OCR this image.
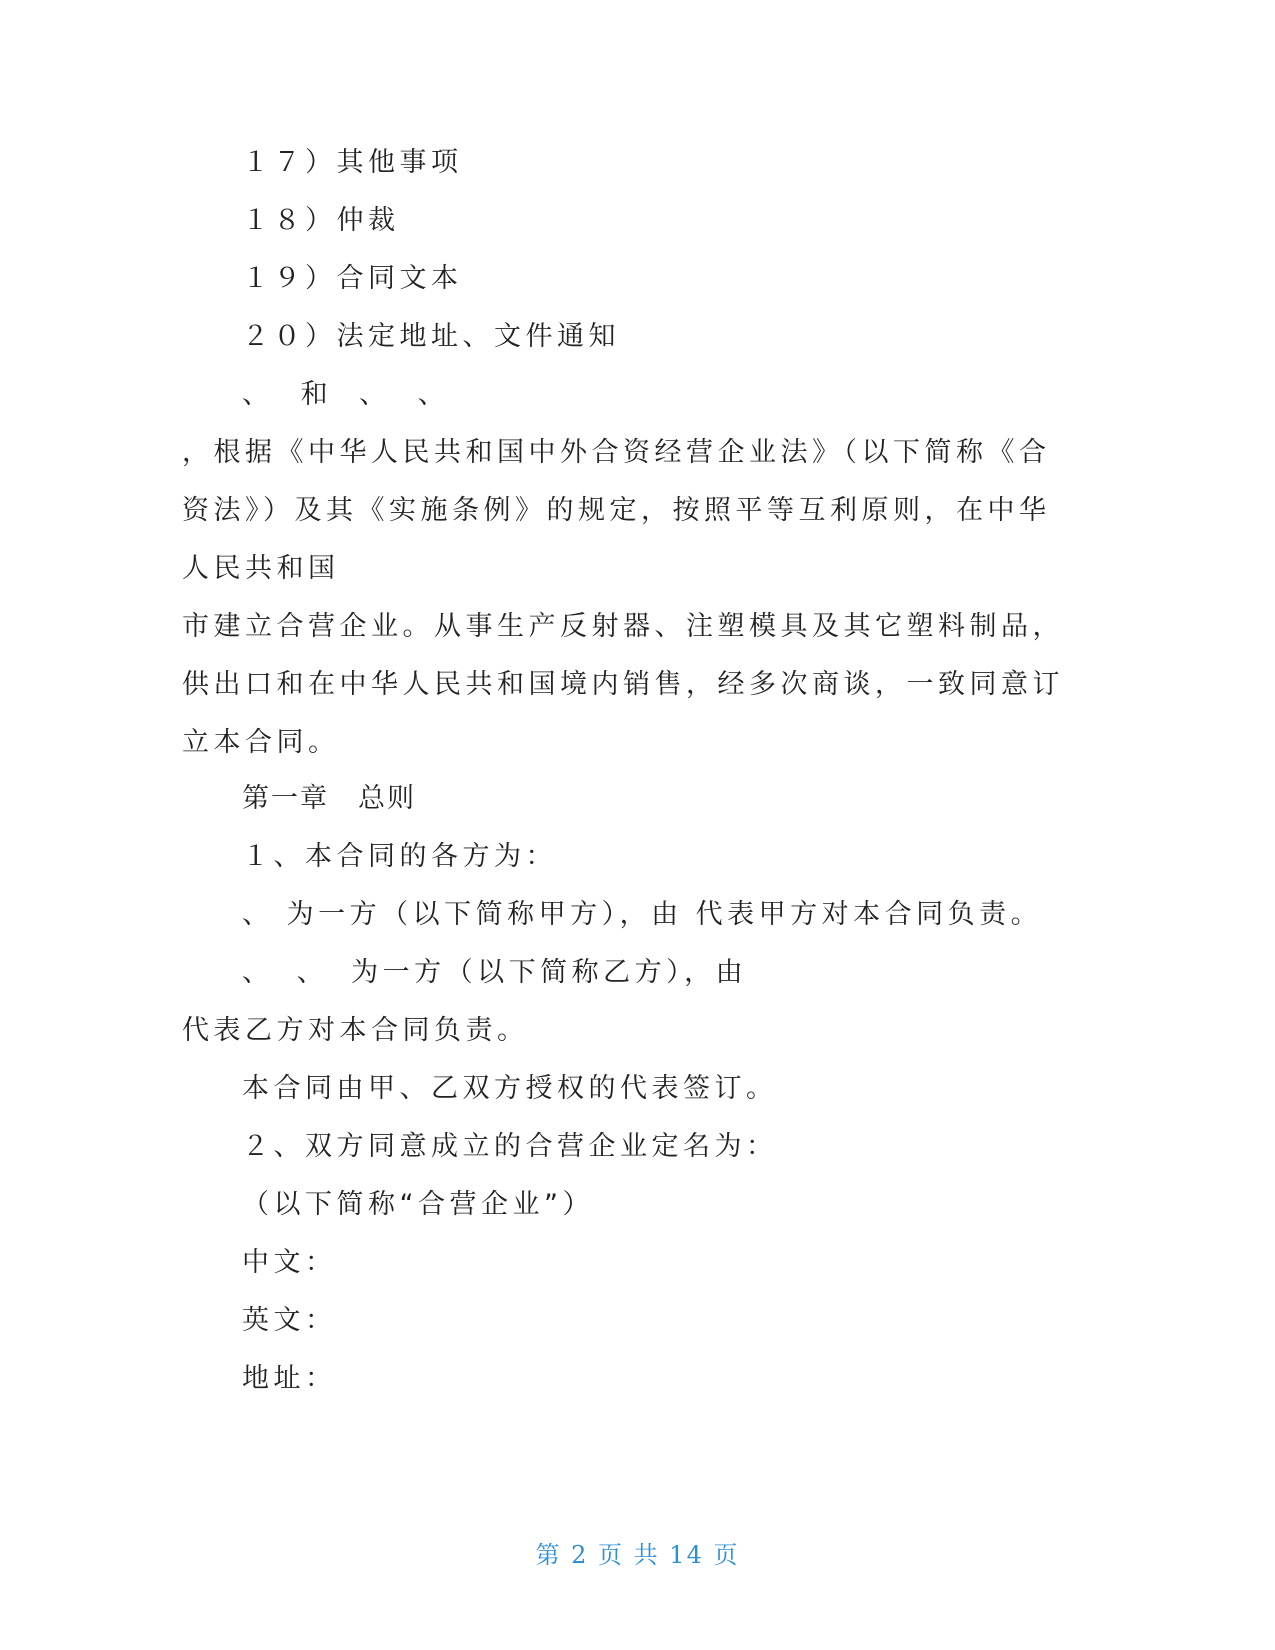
１７）其他事项
１８）仲裁
１９）合同文本
２０）法定地址、文件通知
、 和 、 、
，根据《中华人民共和国中外合资经营企业法》（以下简称《合
资法》）及其《实施条例》的规定，按照平等互利原则，在中华
人民共和国
市建立合营企业。从事生产反射器、注塑模具及其它塑料制品，
供出口和在中华人民共和国境内销售，经多次商谈，一致同意订
立本合同。
第一章　总则
１、本合同的各方为：
、 为一方（以下简称甲方），由 代表甲方对本合同负责。
、 、 为一方（以下简称乙方），由
代表乙方对本合同负责。
本合同由甲、乙双方授权的代表签订。
２、双方同意成立的合营企业定名为：
（以下简称“合营企业”）
中文：
英文：
地址：
第 2 页 共 14 页
